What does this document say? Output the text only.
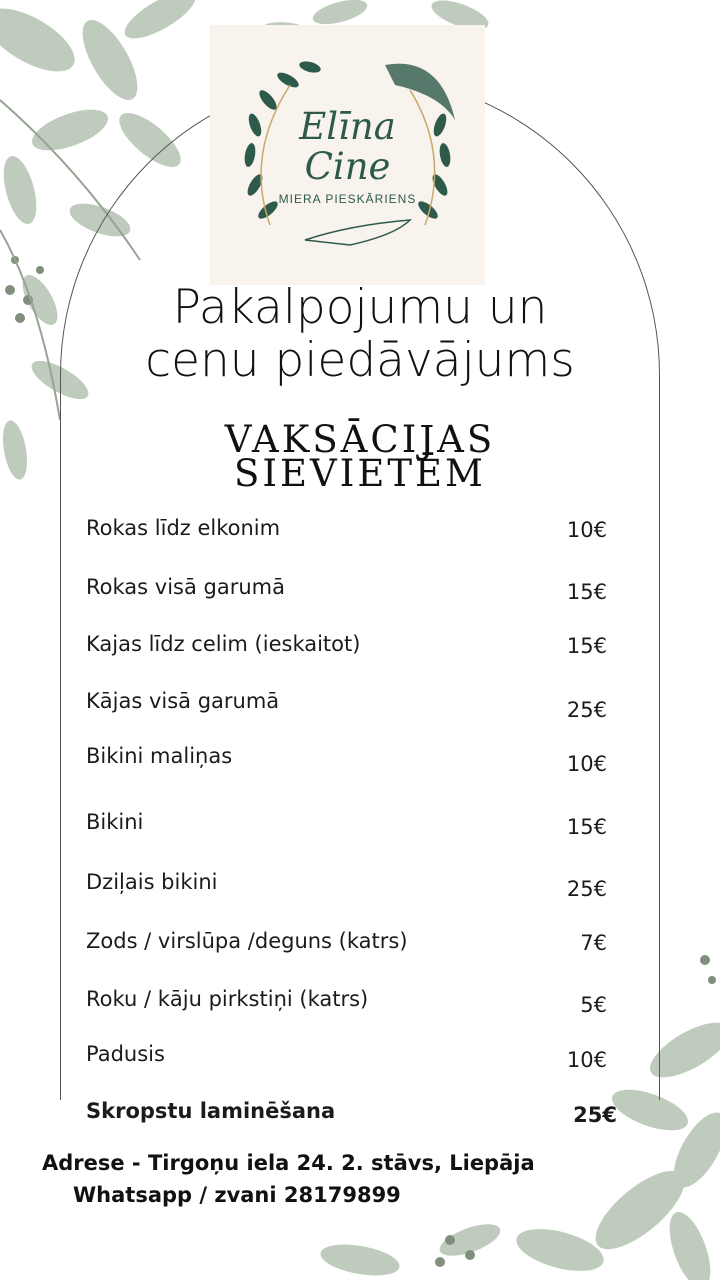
Elīna
Cine
MIERA PIESKĀRIENS
Pakalpojumu un
cenu piedāvājums
VAKSĀCIJAS
SIEVIETĒM
Rokas līdz elkonim	10€
Rokas visā garumā	15€
Kajas līdz celim (ieskaitot)	15€
Kājas visā garumā	25€
Bikini maliņas	10€
Bikini	15€
Dziļais bikini	25€
Zods / virslūpa /deguns (katrs)	7€
Roku / kāju pirkstiņi (katrs)	5€
Padusis	10€
Skropstu laminēšana	25€
Adrese - Tirgoņu iela 24. 2. stāvs, Liepāja
Whatsapp / zvani 28179899
